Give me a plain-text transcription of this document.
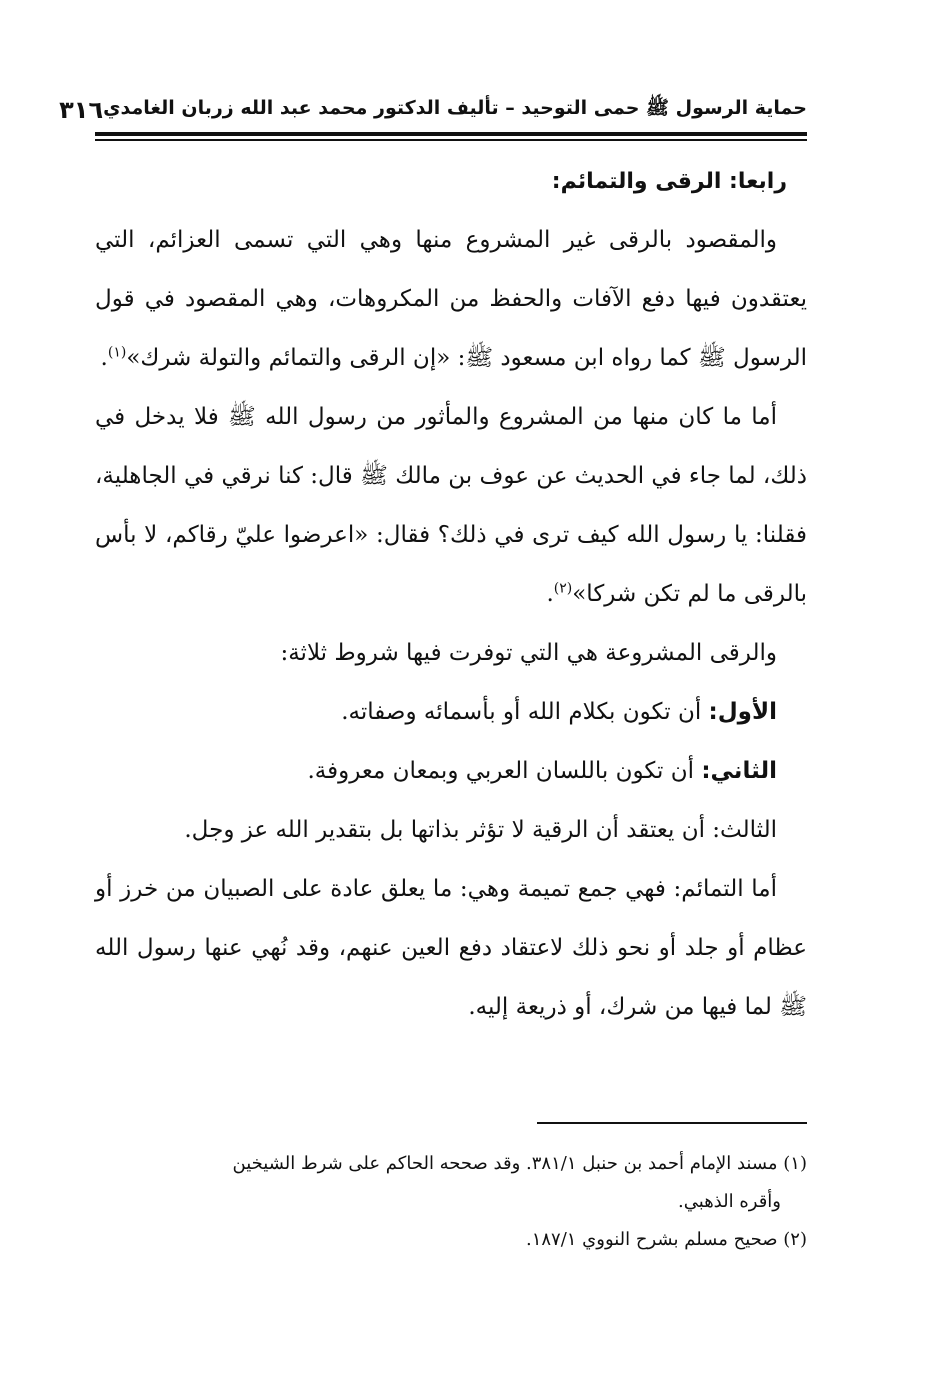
حماية الرسول ﷺ حمى التوحيد – تأليف الدكتور محمد عبد الله زربان الغامدي
٣١٦

رابعا: الرقى والتمائم:

والمقصود بالرقى غير المشروع منها وهي التي تسمى العزائم، التي يعتقدون فيها دفع الآفات والحفظ من المكروهات، وهي المقصود في قول الرسول ﷺ كما رواه ابن مسعود ﷺ: «إن الرقى والتمائم والتولة شرك»$^{(١)}$.

أما ما كان منها من المشروع والمأثور من رسول الله ﷺ فلا يدخل في ذلك، لما جاء في الحديث عن عوف بن مالك ﷺ قال: كنا نرقي في الجاهلية، فقلنا: يا رسول الله كيف ترى في ذلك؟ فقال: «اعرضوا عليّ رقاكم، لا بأس بالرقى ما لم تكن شركا»$^{(٢)}$.

والرقى المشروعة هي التي توفرت فيها شروط ثلاثة:

الأول: أن تكون بكلام الله أو بأسمائه وصفاته.

الثاني: أن تكون باللسان العربي وبمعان معروفة.

الثالث: أن يعتقد أن الرقية لا تؤثر بذاتها بل بتقدير الله عز وجل.

أما التمائم: فهي جمع تميمة وهي: ما يعلق عادة على الصبيان من خرز أو عظام أو جلد أو نحو ذلك لاعتقاد دفع العين عنهم، وقد نُهي عنها رسول الله ﷺ لما فيها من شرك، أو ذريعة إليه.

(١) مسند الإمام أحمد بن حنبل ٣٨١/١. وقد صححه الحاكم على شرط الشيخين

وأقره الذهبي.

(٢) صحيح مسلم بشرح النووي ١٨٧/١.
